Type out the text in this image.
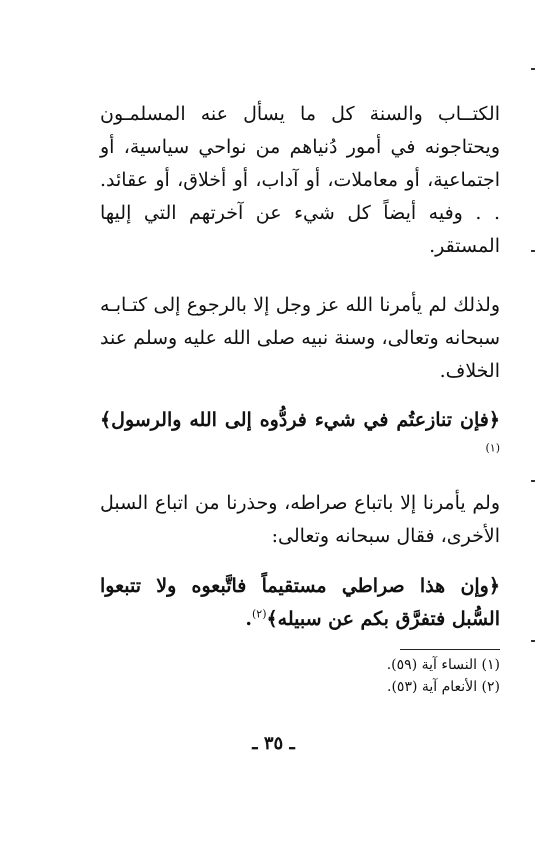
الكتــاب والسنة كل ما يسأل عنه المسلمـون ويحتاجونه في أمور دُنياهم من نواحي سياسية، أو اجتماعية، أو معاملات، أو آداب، أو أخلاق، أو عقائد. . . وفيه أيضاً كل شيء عن آخرتهم التي إليها المستقر.

ولذلك لم يأمرنا الله عز وجل إلا بالرجوع إلى كتـابـه سبحانه وتعالى، وسنة نبيه صلى الله عليه وسلم عند الخلاف.

﴿فإن تنازعتُم في شيء فردُّوه إلى الله والرسول﴾$^{(١)}$

ولم يأمرنا إلا باتباع صراطه، وحذرنا من اتباع السبل الأخرى، فقال سبحانه وتعالى:

﴿وإن هذا صراطي مستقيماً فاتَّبعوه ولا تتبعوا السُّبل فتفرَّق بكم عن سبيله﴾$^{(٢)}$.

(١) النساء آية (٥٩).

(٢) الأنعام آية (٥٣).

ـ ٣٥ ـ
